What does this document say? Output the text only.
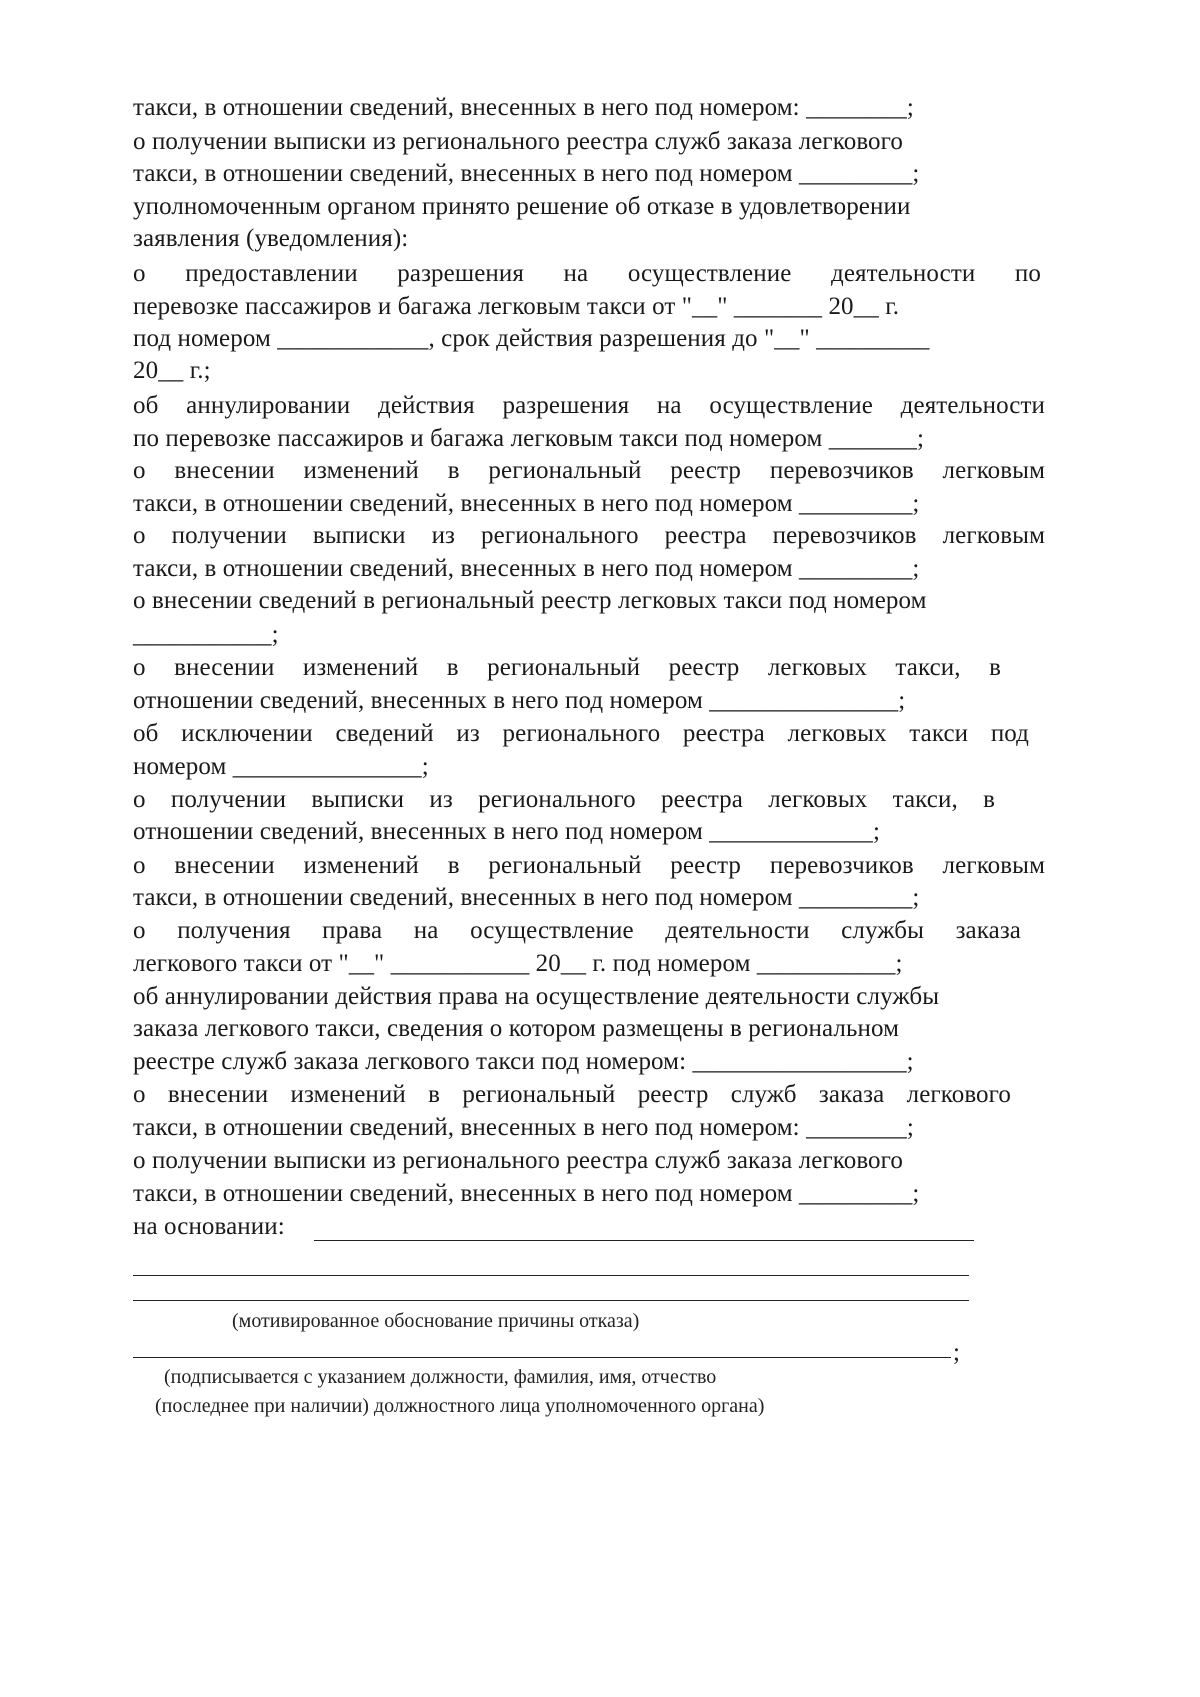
такси, в отношении сведений, внесенных в него под номером: ________;
о получении выписки из регионального реестра служб заказа легкового
такси, в отношении сведений, внесенных в него под номером _________;
уполномоченным органом принято решение об отказе в удовлетворении
заявления (уведомления):
о предоставлении разрешения на осуществление деятельности по
перевозке пассажиров и багажа легковым такси от "__" _______ 20__ г.
под номером ____________, срок действия разрешения до "__" _________
20__ г.;
об аннулировании действия разрешения на осуществление деятельности
по перевозке пассажиров и багажа легковым такси под номером _______;
о внесении изменений в региональный реестр перевозчиков легковым
такси, в отношении сведений, внесенных в него под номером _________;
о получении выписки из регионального реестра перевозчиков легковым
такси, в отношении сведений, внесенных в него под номером _________;
о внесении сведений в региональный реестр легковых такси под номером
___________;
о внесении изменений в региональный реестр легковых такси, в
отношении сведений, внесенных в него под номером _______________;
об исключении сведений из регионального реестра легковых такси под
номером _______________;
о получении выписки из регионального реестра легковых такси, в
отношении сведений, внесенных в него под номером _____________;
о внесении изменений в региональный реестр перевозчиков легковым
такси, в отношении сведений, внесенных в него под номером _________;
о получения права на осуществление деятельности службы заказа
легкового такси от "__" ___________ 20__ г. под номером ___________;
об аннулировании действия права на осуществление деятельности службы
заказа легкового такси, сведения о котором размещены в региональном
реестре служб заказа легкового такси под номером: _________________;
о внесении изменений в региональный реестр служб заказа легкового
такси, в отношении сведений, внесенных в него под номером: ________;
о получении выписки из регионального реестра служб заказа легкового
такси, в отношении сведений, внесенных в него под номером _________;
на основании:
(мотивированное обоснование причины отказа)
;
(подписывается с указанием должности, фамилия, имя, отчество
(последнее при наличии) должностного лица уполномоченного органа)
